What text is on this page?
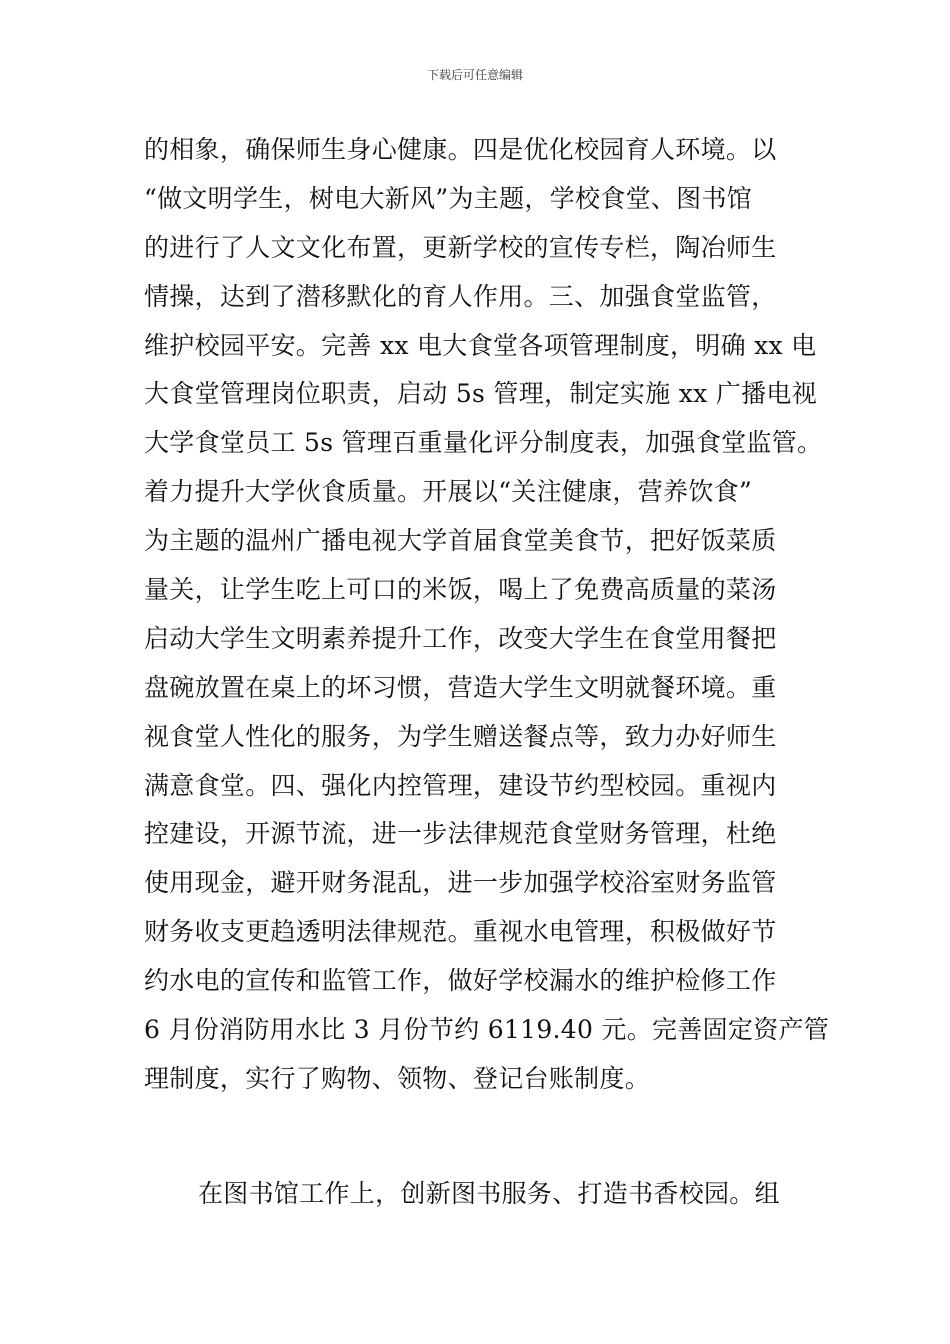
下载后可任意编辑
的相象，确保师生身心健康。四是优化校园育人环境。以
“做文明学生，树电大新风”为主题，学校食堂、图书馆
的进行了人文文化布置，更新学校的宣传专栏，陶冶师生
情操，达到了潜移默化的育人作用。三、加强食堂监管，
维护校园平安。完善 xx 电大食堂各项管理制度，明确 xx 电
大食堂管理岗位职责，启动 5s 管理，制定实施 xx 广播电视
大学食堂员工 5s 管理百重量化评分制度表，加强食堂监管。
着力提升大学伙食质量。开展以“关注健康，营养饮食”
为主题的温州广播电视大学首届食堂美食节，把好饭菜质
量关，让学生吃上可口的米饭，喝上了免费高质量的菜汤
启动大学生文明素养提升工作，改变大学生在食堂用餐把
盘碗放置在桌上的坏习惯，营造大学生文明就餐环境。重
视食堂人性化的服务，为学生赠送餐点等，致力办好师生
满意食堂。四、强化内控管理，建设节约型校园。重视内
控建设，开源节流，进一步法律规范食堂财务管理，杜绝
使用现金，避开财务混乱，进一步加强学校浴室财务监管
财务收支更趋透明法律规范。重视水电管理，积极做好节
约水电的宣传和监管工作，做好学校漏水的维护检修工作
6 月份消防用水比 3 月份节约 6119.40 元。完善固定资产管
理制度，实行了购物、领物、登记台账制度。
在图书馆工作上，创新图书服务、打造书香校园。组
